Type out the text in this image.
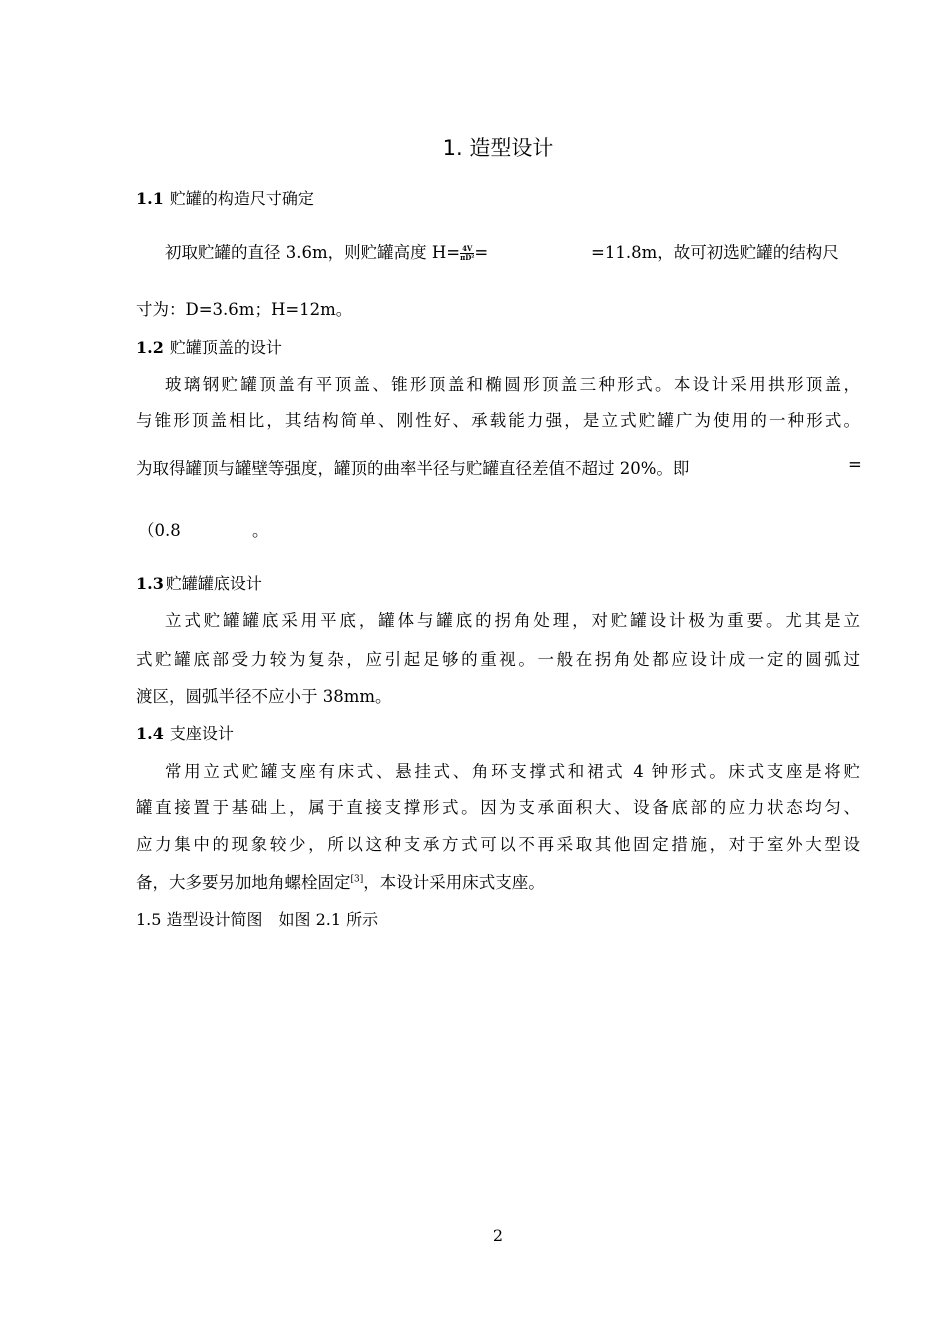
1. 造型设计
1.1 贮罐的构造尺寸确定
初取贮罐的直径 3.6m，则贮罐高度 $H= \frac{4V}{\text{πD²}}$ =	=11.8m，故可初选贮罐的结构尺
寸为：D=3.6m；H=12m。
1.2 贮罐顶盖的设计
玻璃钢贮罐顶盖有平顶盖、锥形顶盖和椭圆形顶盖三种形式。本设计采用拱形顶盖，
与锥形顶盖相比，其结构简单、刚性好、承载能力强，是立式贮罐广为使用的一种形式。
为取得罐顶与罐壁等强度，罐顶的曲率半径与贮罐直径差值不超过 20%。即	=
（0.8	。
1.3 贮罐罐底设计
立式贮罐罐底采用平底，罐体与罐底的拐角处理，对贮罐设计极为重要。尤其是立
式贮罐底部受力较为复杂，应引起足够的重视。一般在拐角处都应设计成一定的圆弧过
渡区，圆弧半径不应小于 38mm。
1.4 支座设计
常用立式贮罐支座有床式、悬挂式、角环支撑式和裙式 4 钟形式。床式支座是将贮
罐直接置于基础上，属于直接支撑形式。因为支承面积大、设备底部的应力状态均匀、
应力集中的现象较少，所以这种支承方式可以不再采取其他固定措施，对于室外大型设
备，大多要另加地角螺栓固定[3]，本设计采用床式支座。
1.5 造型设计简图　如图 2.1 所示
2
